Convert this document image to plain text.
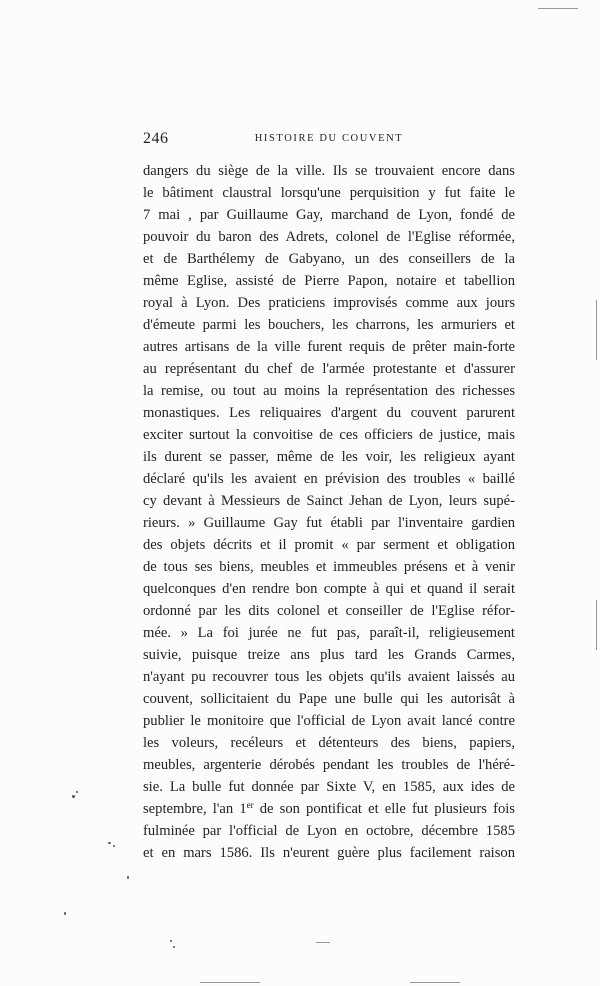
246	HISTOIRE DU COUVENT
dangers du siège de la ville. Ils se trouvaient encore dans
le bâtiment claustral lorsqu'une perquisition y fut faite le
7 mai , par Guillaume Gay, marchand de Lyon, fondé de
pouvoir du baron des Adrets, colonel de l'Eglise réformée,
et de Barthélemy de Gabyano, un des conseillers de la
même Eglise, assisté de Pierre Papon, notaire et tabellion
royal à Lyon. Des praticiens improvisés comme aux jours
d'émeute parmi les bouchers, les charrons, les armuriers et
autres artisans de la ville furent requis de prêter main-forte
au représentant du chef de l'armée protestante et d'assurer
la remise, ou tout au moins la représentation des richesses
monastiques. Les reliquaires d'argent du couvent parurent
exciter surtout la convoitise de ces officiers de justice, mais
ils durent se passer, même de les voir, les religieux ayant
déclaré qu'ils les avaient en prévision des troubles « baillé
cy devant à Messieurs de Sainct Jehan de Lyon, leurs supé-
rieurs. » Guillaume Gay fut établi par l'inventaire gardien
des objets décrits et il promit « par serment et obligation
de tous ses biens, meubles et immeubles présens et à venir
quelconques d'en rendre bon compte à qui et quand il serait
ordonné par les dits colonel et conseiller de l'Eglise réfor-
mée. » La foi jurée ne fut pas, paraît-il, religieusement
suivie, puisque treize ans plus tard les Grands Carmes,
n'ayant pu recouvrer tous les objets qu'ils avaient laissés au
couvent, sollicitaient du Pape une bulle qui les autorisât à
publier le monitoire que l'official de Lyon avait lancé contre
les voleurs, recéleurs et détenteurs des biens, papiers,
meubles, argenterie dérobés pendant les troubles de l'héré-
sie. La bulle fut donnée par Sixte V, en 1585, aux ides de
septembre, l'an 1er de son pontificat et elle fut plusieurs fois
fulminée par l'official de Lyon en octobre, décembre 1585
et en mars 1586. Ils n'eurent guère plus facilement raison
